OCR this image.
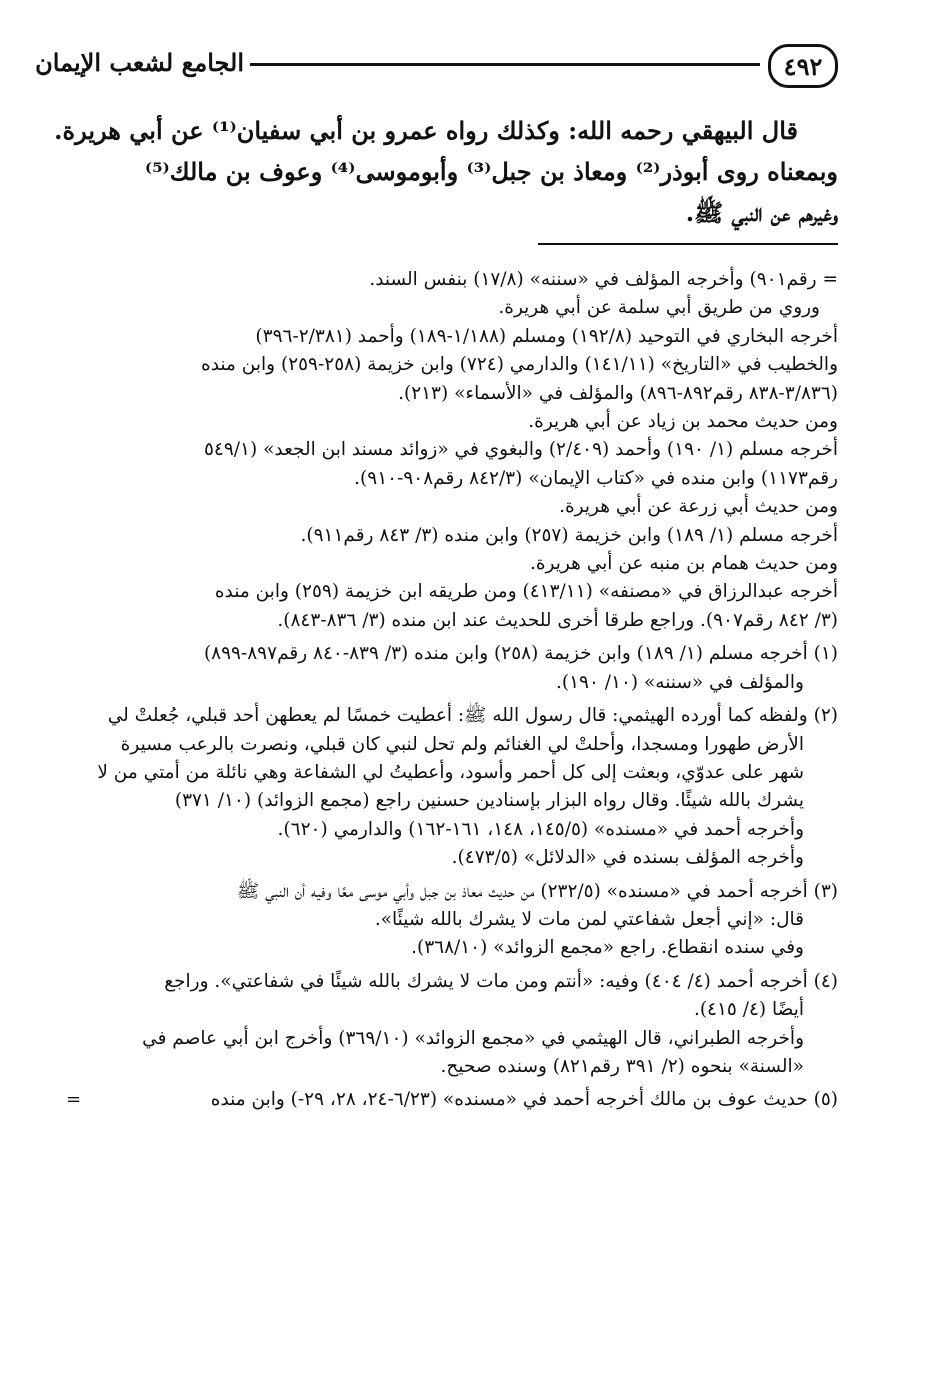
٤٩٢
الجامع لشعب الإيمان
قال البيهقي رحمه الله: وكذلك رواه عمرو بن أبي سفيان⁽¹⁾ عن أبي هريرة.
وبمعناه روى أبوذر⁽²⁾ ومعاذ بن جبل⁽³⁾ وأبوموسى⁽⁴⁾ وعوف بن مالك⁽⁵⁾
وغيرهم عن النبي ﷺ.
= رقم٩٠١) وأخرجه المؤلف في «سننه» (١٧/٨) بنفس السند.
وروي من طريق أبي سلمة عن أبي هريرة.
أخرجه البخاري في التوحيد (١٩٢/٨) ومسلم (١/١٨٨-١٨٩) وأحمد (٢/٣٨١-٣٩٦)
والخطيب في «التاريخ» (١٤١/١١) والدارمي (٧٢٤) وابن خزيمة (٢٥٨-٢٥٩) وابن منده
(٣/٨٣٦-٨٣٨ رقم٨٩٢-٨٩٦) والمؤلف في «الأسماء» (٢١٣).
ومن حديث محمد بن زياد عن أبي هريرة.
أخرجه مسلم (١/ ١٩٠) وأحمد (٢/٤٠٩) والبغوي في «زوائد مسند ابن الجعد» (٥٤٩/١
رقم١١٧٣) وابن منده في «كتاب الإيمان» (٨٤٢/٣ رقم٩٠٨-٩١٠).
ومن حديث أبي زرعة عن أبي هريرة.
أخرجه مسلم (١/ ١٨٩) وابن خزيمة (٢٥٧) وابن منده (٣/ ٨٤٣ رقم٩١١).
ومن حديث همام بن منبه عن أبي هريرة.
أخرجه عبدالرزاق في «مصنفه» (٤١٣/١١) ومن طريقه ابن خزيمة (٢٥٩) وابن منده
(٣/ ٨٤٢ رقم٩٠٧). وراجع طرقا أخرى للحديث عند ابن منده (٣/ ٨٣٦-٨٤٣).
(١) أخرجه مسلم (١/ ١٨٩) وابن خزيمة (٢٥٨) وابن منده (٣/ ٨٣٩-٨٤٠ رقم٨٩٧-٨٩٩)
والمؤلف في «سننه» (١٠/ ١٩٠).
(٢) ولفظه كما أورده الهيثمي: قال رسول الله ﷺ: أعطيت خمسًا لم يعطهن أحد قبلي، جُعلتْ لي
الأرض طهورا ومسجدا، وأُحلتْ لي الغنائم ولم تحل لنبي كان قبلي، ونصرت بالرعب مسيرة
شهر على عدوّي، وبعثت إلى كل أحمر وأسود، وأُعطيتُ لي الشفاعة وهي نائلة من أمتي من لا
يشرك بالله شيئًا. وقال رواه البزار بإسنادين حسنين راجع (مجمع الزوائد) (١٠/ ٣٧١)
وأخرجه أحمد في «مسنده» (١٤٥/٥، ١٤٨، ١٦١-١٦٢) والدارمي (٦٢٠).
وأخرجه المؤلف بسنده في «الدلائل» (٤٧٣/٥).
(٣) أخرجه أحمد في «مسنده» (٢٣٢/٥) من حديث معاذ بن جبل وأبي موسى معًا وفيه أن النبي ﷺ
قال: «إني أجعل شفاعتي لمن مات لا يشرك بالله شيئًا».
وفي سنده انقطاع. راجع «مجمع الزوائد» (٣٦٨/١٠).
(٤) أخرجه أحمد (٤/ ٤٠٤) وفيه: «أنتم ومن مات لا يشرك بالله شيئًا في شفاعتي». وراجع
أيضًا (٤/ ٤١٥).
وأخرجه الطبراني، قال الهيثمي في «مجمع الزوائد» (٣٦٩/١٠) وأخرج ابن أبي عاصم في
«السنة» بنحوه (٢/ ٣٩١ رقم٨٢١) وسنده صحيح.
(٥) حديث عوف بن مالك أخرجه أحمد في «مسنده» (٦/٢٣-٢٤، ٢٨، ٢٩-) وابن منده
=
